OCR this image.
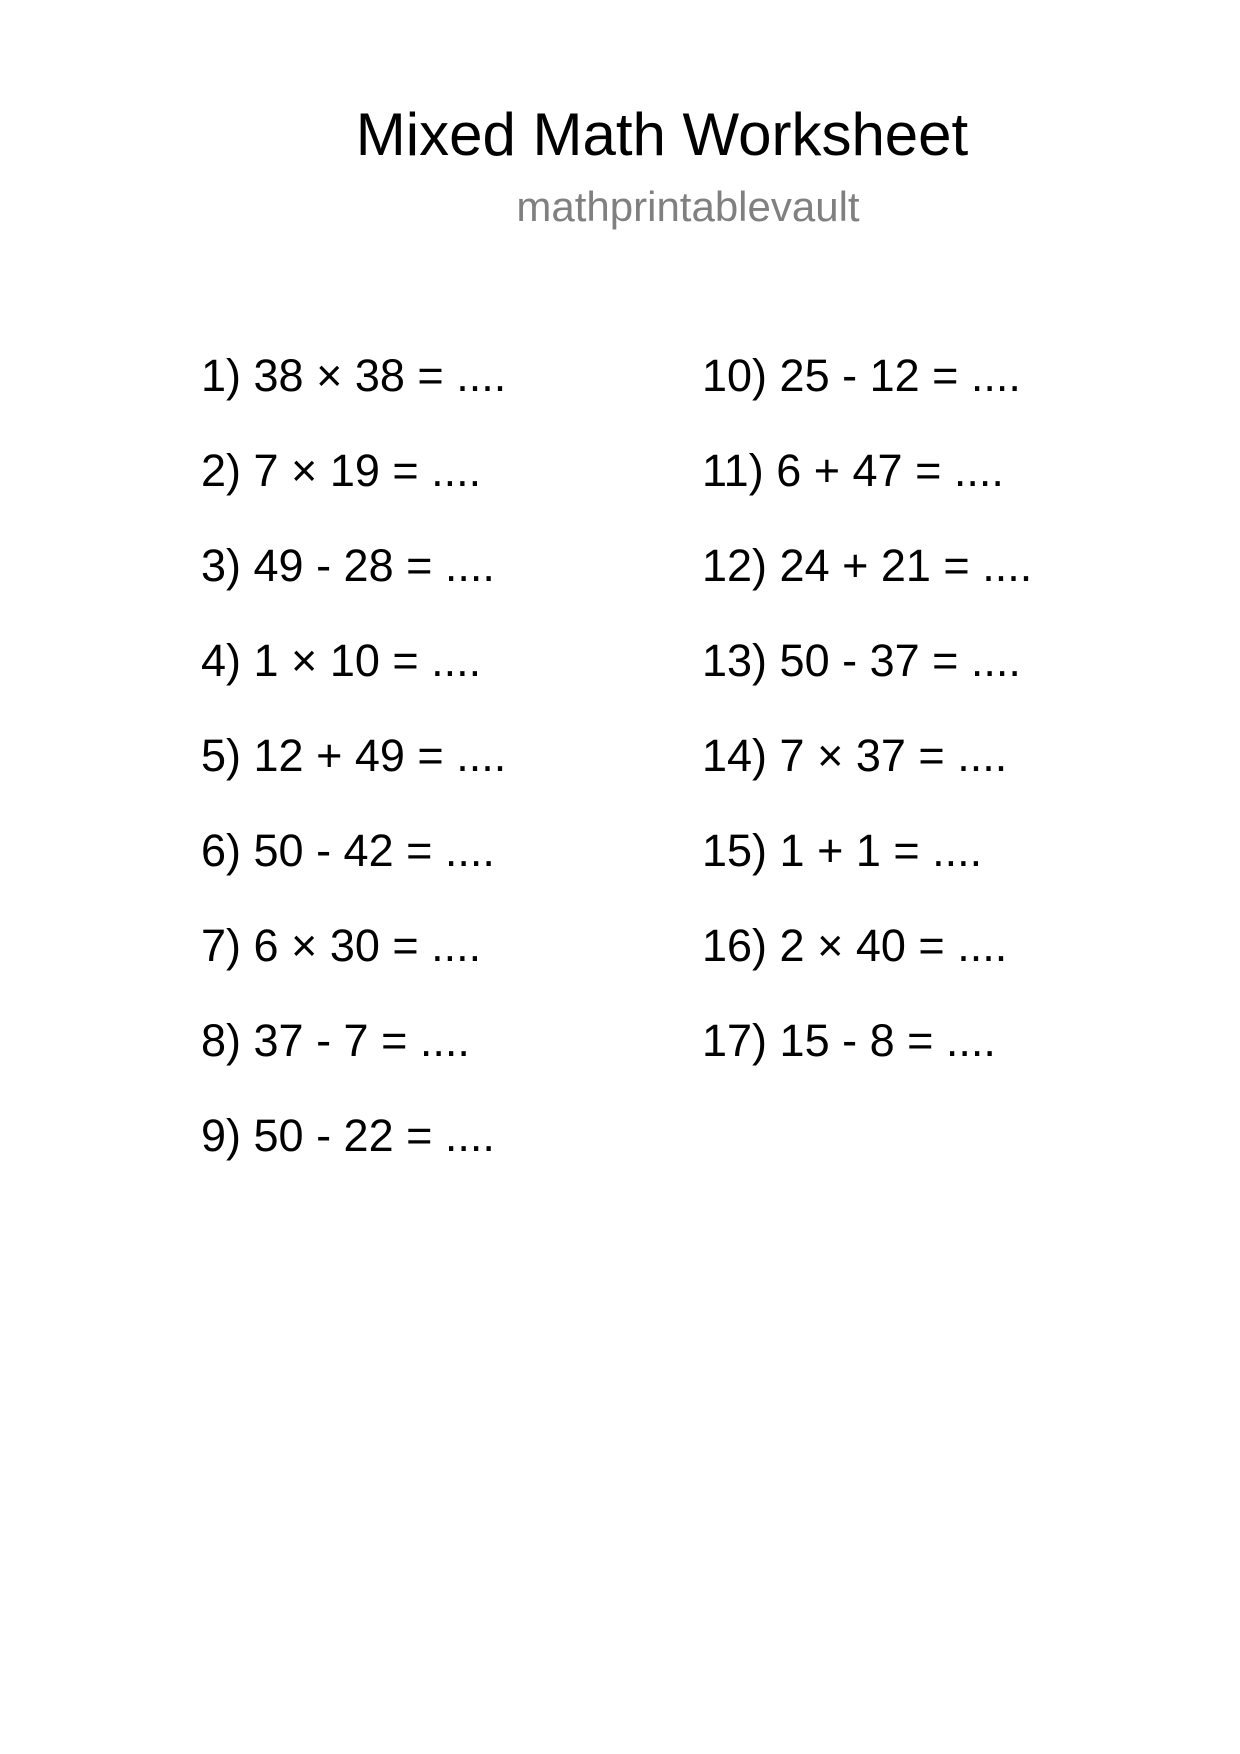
Mixed Math Worksheet
mathprintablevault
1) 38 × 38 = ....
2) 7 × 19 = ....
3) 49 - 28 = ....
4) 1 × 10 = ....
5) 12 + 49 = ....
6) 50 - 42 = ....
7) 6 × 30 = ....
8) 37 - 7 = ....
9) 50 - 22 = ....
10) 25 - 12 = ....
11) 6 + 47 = ....
12) 24 + 21 = ....
13) 50 - 37 = ....
14) 7 × 37 = ....
15) 1 + 1 = ....
16) 2 × 40 = ....
17) 15 - 8 = ....
